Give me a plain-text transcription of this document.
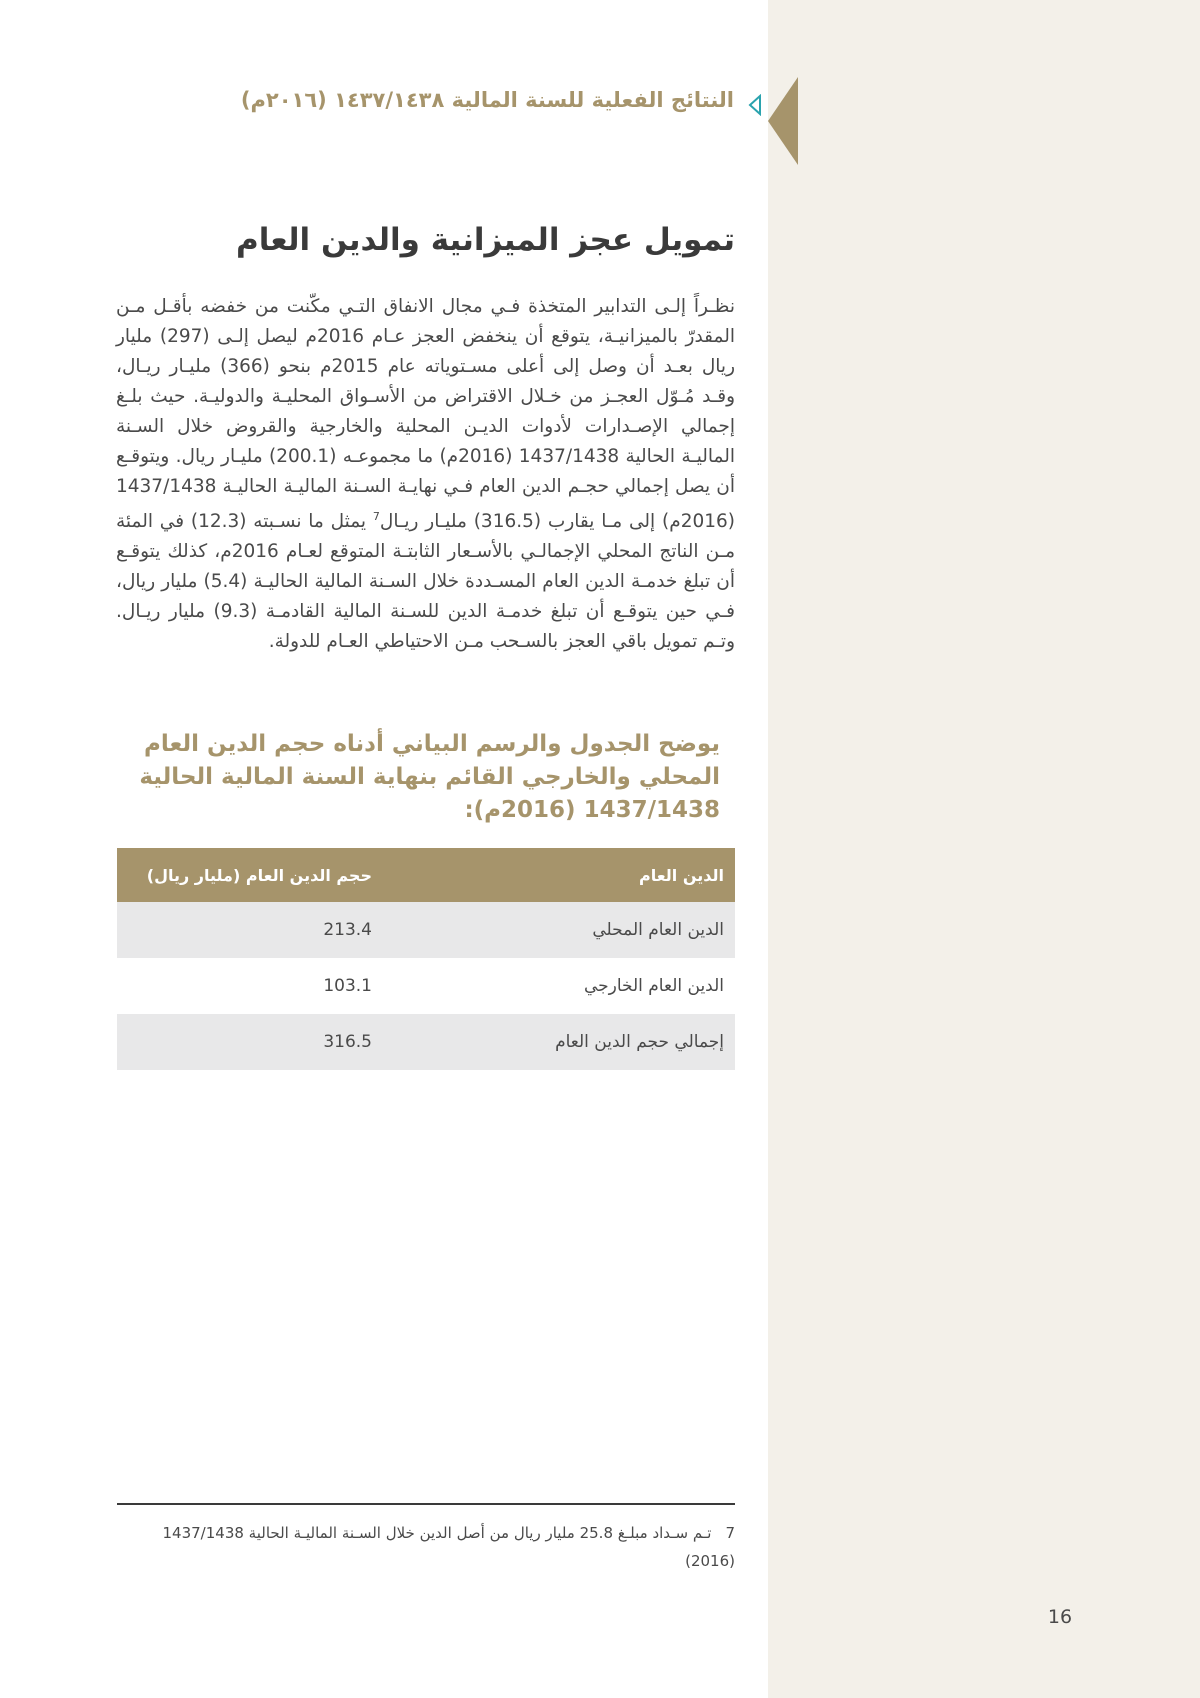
النتائج الفعلية للسنة المالية ١٤٣٧/١٤٣٨ (٢٠١٦م)
تمويل عجز الميزانية والدين العام

نظـراً إلـى التدابير المتخذة فـي مجال الانفاق التـي مكّنت من خفضه بأقـل مـن المقدرّ بالميزانيـة، يتوقع أن ينخفض العجز عـام 2016م ليصل إلـى (297) مليار ريال بعـد أن وصل إلى أعلى مسـتوياته عام 2015م بنحو (366) مليـار ريـال، وقـد مُـوّل العجـز من خـلال الاقتراض من الأسـواق المحليـة والدوليـة. حيث بلـغ إجمالي الإصـدارات لأدوات الديـن المحلية والخارجية والقروض خلال السـنة الماليـة الحالية 1437/1438 (2016م) ما مجموعـه (200.1) مليـار ريال. ويتوقـع أن يصل إجمالي حجـم الدين العام فـي نهايـة السـنة الماليـة الحاليـة 1437/1438 (2016م) إلى مـا يقارب (316.5) مليـار ريـال$^7$ يمثل ما نسـبته (12.3) في المئة مـن الناتج المحلي الإجمالـي بالأسـعار الثابتـة المتوقع لعـام 2016م، كذلك يتوقـع أن تبلغ خدمـة الدين العام المسـددة خلال السـنة المالية الحاليـة (5.4) مليار ريال، فـي حين يتوقـع أن تبلغ خدمـة الدين للسـنة المالية القادمـة (9.3) مليار ريـال. وتـم تمويل باقي العجز بالسـحب مـن الاحتياطي العـام للدولة.

يوضح الجدول والرسم البياني أدناه حجم الدين العام المحلي والخارجي القائم بنهاية السنة المالية الحالية 1437/1438 (2016م):
الدين العام	حجم الدين العام (مليار ريال)
الدين العام المحلي	213.4
الدين العام الخارجي	103.1
إجمالي حجم الدين العام	316.5
7تـم سـداد مبلـغ 25.8 مليار ريال من أصل الدين خلال السـنة الماليـة الحالية 1437/1438 (2016)
16
